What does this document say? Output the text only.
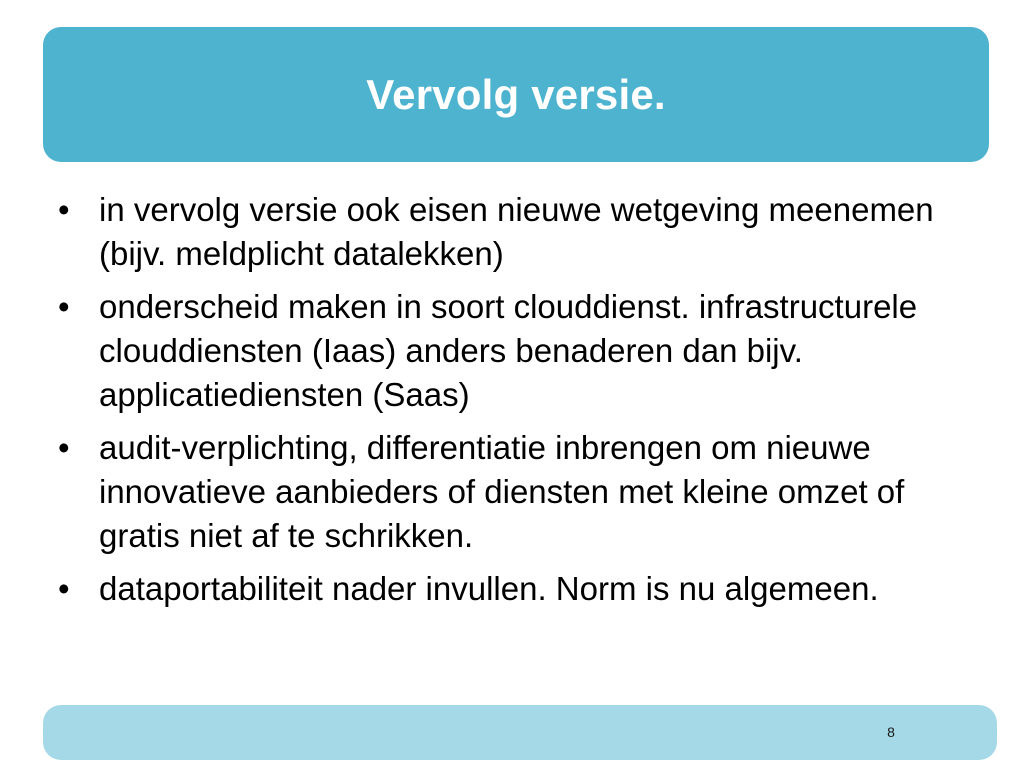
Vervolg versie.
• in vervolg versie ook eisen nieuwe wetgeving meenemen (bijv. meldplicht datalekken)
• onderscheid maken in soort clouddienst. infrastructurele clouddiensten (Iaas) anders benaderen dan bijv. applicatiediensten (Saas)
• audit-verplichting, differentiatie inbrengen om nieuwe innovatieve aanbieders of diensten met kleine omzet of gratis niet af te schrikken.
• dataportabiliteit nader invullen. Norm is nu algemeen.
8
